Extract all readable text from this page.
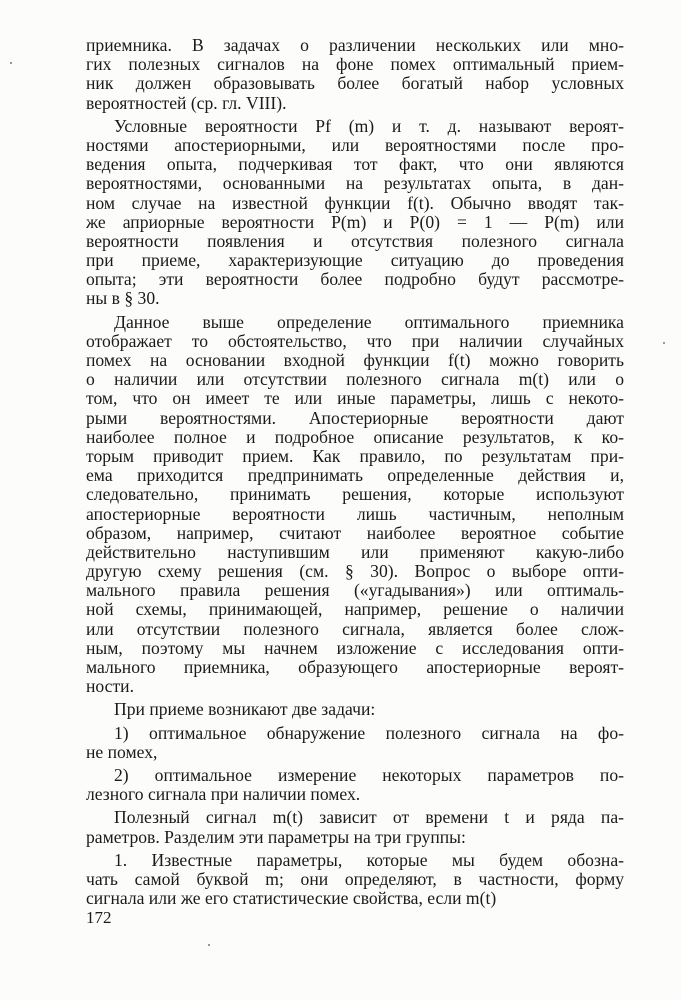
приемника. В задачах о различении нескольких или мно-
гих полезных сигналов на фоне помех оптимальный прием-
ник должен образовывать более богатый набор условных
вероятностей (ср. гл. VIII).
Условные вероятности Pf (m) и т. д. называют вероят-
ностями апостериорными, или вероятностями после про-
ведения опыта, подчеркивая тот факт, что они являются
вероятностями, основанными на результатах опыта, в дан-
ном случае на известной функции f(t). Обычно вводят так-
же априорные вероятности P(m) и P(0) = 1 — P(m) или
вероятности появления и отсутствия полезного сигнала
при приеме, характеризующие ситуацию до проведения
опыта; эти вероятности более подробно будут рассмотре-
ны в § 30.
Данное выше определение оптимального приемника
отображает то обстоятельство, что при наличии случайных
помех на основании входной функции f(t) можно говорить
о наличии или отсутствии полезного сигнала m(t) или о
том, что он имеет те или иные параметры, лишь с некото-
рыми вероятностями. Апостериорные вероятности дают
наиболее полное и подробное описание результатов, к ко-
торым приводит прием. Как правило, по результатам при-
ема приходится предпринимать определенные действия и,
следовательно, принимать решения, которые используют
апостериорные вероятности лишь частичным, неполным
образом, например, считают наиболее вероятное событие
действительно наступившим или применяют какую-либо
другую схему решения (см. § 30). Вопрос о выборе опти-
мального правила решения («угадывания») или оптималь-
ной схемы, принимающей, например, решение о наличии
или отсутствии полезного сигнала, является более слож-
ным, поэтому мы начнем изложение с исследования опти-
мального приемника, образующего апостериорные вероят-
ности.
При приеме возникают две задачи:
1) оптимальное обнаружение полезного сигнала на фо-
не помех,
2) оптимальное измерение некоторых параметров по-
лезного сигнала при наличии помех.
Полезный сигнал m(t) зависит от времени t и ряда па-
раметров. Разделим эти параметры на три группы:
1. Известные параметры, которые мы будем обозна-
чать самой буквой m; они определяют, в частности, форму
сигнала или же его статистические свойства, если m(t)
172
